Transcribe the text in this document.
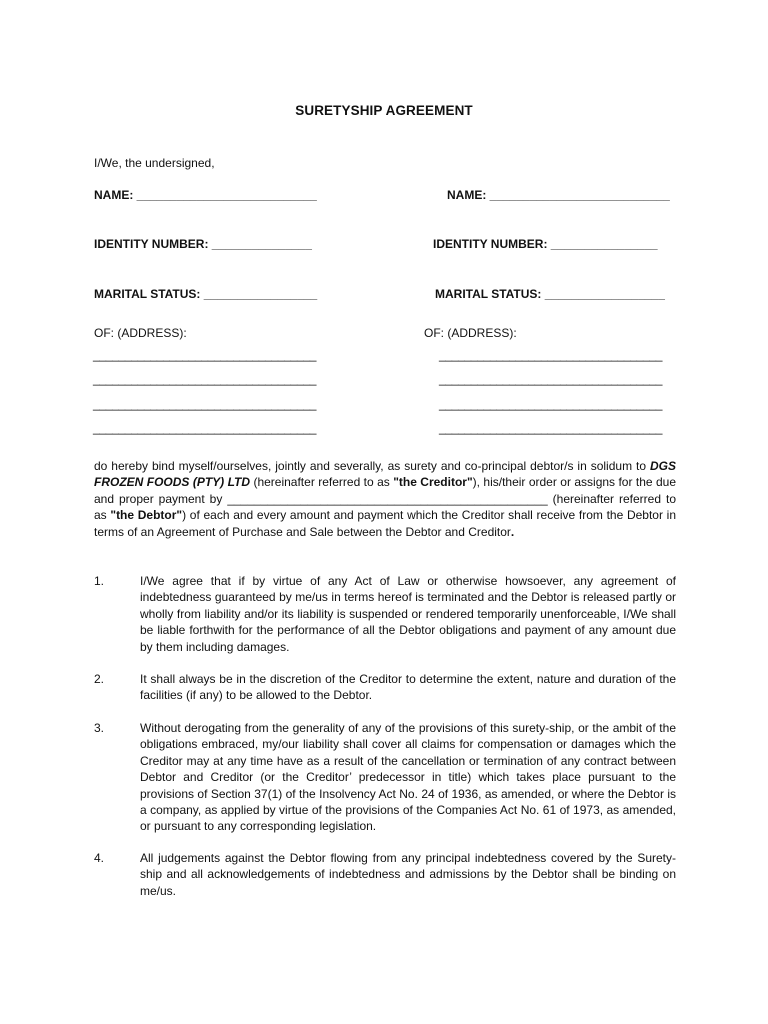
SURETYSHIP AGREEMENT
I/We, the undersigned,
NAME: ___________________________	NAME: ___________________________
IDENTITY NUMBER: _______________	IDENTITY NUMBER: ________________
MARITAL STATUS: _________________	MARITAL STATUS: __________________
OF: (ADDRESS):	OF: (ADDRESS):
___________________________________
___________________________________
___________________________________
___________________________________
___________________________________
___________________________________
___________________________________
___________________________________
do hereby bind myself/ourselves, jointly and severally, as surety and co-principal debtor/s in solidum to DGS FROZEN FOODS (PTY) LTD (hereinafter referred to as "the Creditor"), his/their order or assigns for the due and proper payment by ________________________________________________ (hereinafter referred to as "the Debtor") of each and every amount and payment which the Creditor shall receive from the Debtor in terms of an Agreement of Purchase and Sale between the Debtor and Creditor.
1.	I/We agree that if by virtue of any Act of Law or otherwise howsoever, any agreement of indebtedness guaranteed by me/us in terms hereof is terminated and the Debtor is released partly or wholly from liability and/or its liability is suspended or rendered temporarily unenforceable, I/We shall be liable forthwith for the performance of all the Debtor obligations and payment of any amount due by them including damages.
2.	It shall always be in the discretion of the Creditor to determine the extent, nature and duration of the facilities (if any) to be allowed to the Debtor.
3.	Without derogating from the generality of any of the provisions of this surety-ship, or the ambit of the obligations embraced, my/our liability shall cover all claims for compensation or damages which the Creditor may at any time have as a result of the cancellation or termination of any contract between Debtor and Creditor (or the Creditor’ predecessor in title) which takes place pursuant to the provisions of Section 37(1) of the Insolvency Act No. 24 of 1936, as amended, or where the Debtor is a company, as applied by virtue of the provisions of the Companies Act No. 61 of 1973, as amended, or pursuant to any corresponding legislation.
4.	All judgements against the Debtor flowing from any principal indebtedness covered by the Surety-ship and all acknowledgements of indebtedness and admissions by the Debtor shall be binding on me/us.
